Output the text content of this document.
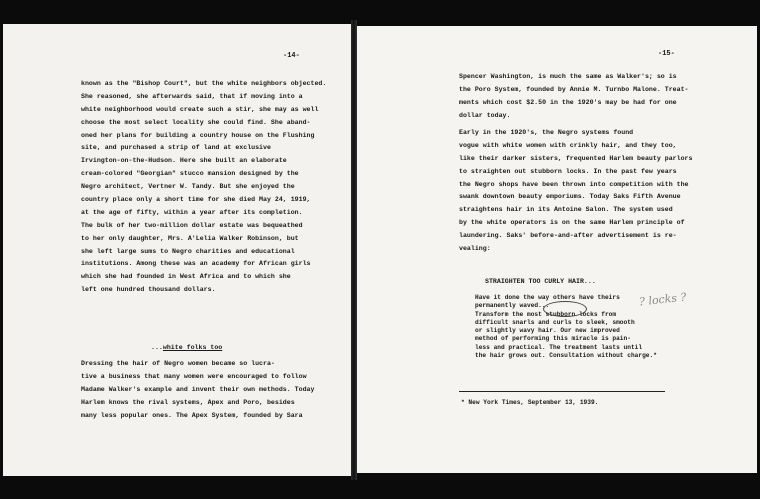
-14-

known as the "Bishop Court", but the white neighbors objected.
She reasoned, she afterwards said, that if moving into a
white neighborhood would create such a stir, she may as well
choose the most select locality she could find. She aband-
oned her plans for building a country house on the Flushing
site, and purchased a strip of land at exclusive
Irvington-on-the-Hudson. Here she built an elaborate
cream-colored "Georgian" stucco mansion designed by the
Negro architect, Vertner W. Tandy. But she enjoyed the
country place only a short time for she died May 24, 1919,
at the age of fifty, within a year after its completion.
The bulk of her two-million dollar estate was bequeathed
to her only daughter, Mrs. A'Lelia Walker Robinson, but
she left large sums to Negro charities and educational
institutions. Among these was an academy for African girls
which she had founded in West Africa and to which she
left one hundred thousand dollars.

...white folks too

Dressing the hair of Negro women became so lucra-
tive a business that many women were encouraged to follow
Madame Walker's example and invent their own methods. Today
Harlem knows the rival systems, Apex and Poro, besides
many less popular ones. The Apex System, founded by Sara

-15-

Spencer Washington, is much the same as Walker's; so is
the Poro System, founded by Annie M. Turnbo Malone. Treat-
ments which cost $2.50 in the 1920's may be had for one
dollar today.

Early in the 1920's, the Negro systems found
vogue with white women with crinkly hair, and they too,
like their darker sisters, frequented Harlem beauty parlors
to straighten out stubborn locks. In the past few years
the Negro shops have been thrown into competition with the
swank downtown beauty emporiums. Today Saks Fifth Avenue
straightens hair in its Antoine Salon. The system used
by the white operators is on the same Harlem principle of
laundering. Saks' before-and-after advertisement is re-
vealing:

STRAIGHTEN TOO CURLY HAIR...

Have it done the way others have theirs
permanently waved...
Transform the most stubborn locks from
difficult snarls and curls to sleek, smooth
or slightly wavy hair. Our new improved
method of performing this miracle is pain-
less and practical. The treatment lasts until
the hair grows out. Consultation without charge.*

? locks ?
* New York Times, September 13, 1939.
